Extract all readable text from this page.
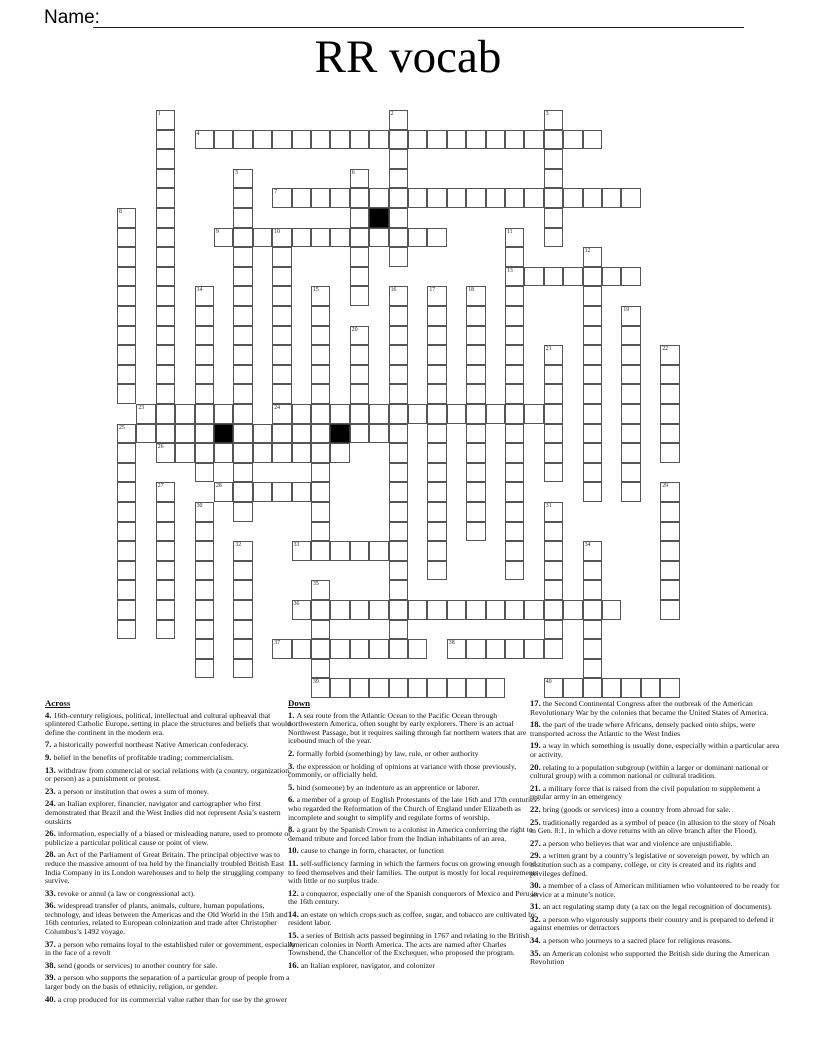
Name:
RR vocab
4
7
9	10
13
23	24
26
28
33
36
37	38
39	40
1	2	3
5	6
8
11
12
14	15	16	17	18
19
20
21	22
25
27	29
30	31
32	34
35
Across
4. 16th-century religious, political, intellectual and cultural upheaval that splintered Catholic Europe, setting in place the structures and beliefs that would define the continent in the modern era.
7. a historically powerful northeast Native American confederacy.
9. belief in the benefits of profitable trading; commercialism.
13. withdraw from commercial or social relations with (a country, organization, or person) as a punishment or protest.
23. a person or institution that owes a sum of money.
24. an Italian explorer, financier, navigator and cartographer who first demonstrated that Brazil and the West Indies did not represent Asia’s eastern outskirts
26. information, especially of a biased or misleading nature, used to promote or publicize a particular political cause or point of view.
28. an Act of the Parliament of Great Britain. The principal objective was to reduce the massive amount of tea held by the financially troubled British East India Company in its London warehouses and to help the struggling company survive.
33. revoke or annul (a law or congressional act).
36. widespread transfer of plants, animals, culture, human populations, technology, and ideas between the Americas and the Old World in the 15th and 16th centuries, related to European colonization and trade after Christopher Columbus’s 1492 voyage.
37. a person who remains loyal to the established ruler or government, especially in the face of a revolt
38. send (goods or services) to another country for sale.
39. a person who supports the separation of a particular group of people from a larger body on the basis of ethnicity, religion, or gender.
40. a crop produced for its commercial value rather than for use by the grower
Down
1. A sea route from the Atlantic Ocean to the Pacific Ocean through northwestern America, often sought by early explorers. There is an actual Northwest Passage, but it requires sailing through far northern waters that are icebound much of the year.
2. formally forbid (something) by law, rule, or other authority
3. the expression or holding of opinions at variance with those previously, commonly, or officially held.
5. bind (someone) by an indenture as an apprentice or laborer.
6. a member of a group of English Protestants of the late 16th and 17th centuries who regarded the Reformation of the Church of England under Elizabeth as incomplete and sought to simplify and regulate forms of worship.
8. a grant by the Spanish Crown to a colonist in America conferring the right to demand tribute and forced labor from the Indian inhabitants of an area.
10. cause to change in form, character, or function
11. self-sufficiency farming in which the farmers focus on growing enough food to feed themselves and their families. The output is mostly for local requirements with little or no surplus trade.
12. a conqueror, especially one of the Spanish conquerors of Mexico and Peru in the 16th century.
14. an estate on which crops such as coffee, sugar, and tobacco are cultivated by resident labor.
15. a series of British acts passed beginning in 1767 and relating to the British American colonies in North America. The acts are named after Charles Townshend, the Chancellor of the Exchequer, who proposed the program.
16. an Italian explorer, navigator, and colonizer
17. the Second Continental Congress after the outbreak of the American Revolutionary War by the colonies that became the United States of America.
18. the part of the trade where Africans, densely packed onto ships, were transported across the Atlantic to the West Indies
19. a way in which something is usually done, especially within a particular area or activity.
20. relating to a population subgroup (within a larger or dominant national or cultural group) with a common national or cultural tradition.
21. a military force that is raised from the civil population to supplement a regular army in an emergency
22. bring (goods or services) into a country from abroad for sale.
25. traditionally regarded as a symbol of peace (in allusion to the story of Noah in Gen. 8:1, in which a dove returns with an olive branch after the Flood).
27. a person who believes that war and violence are unjustifiable.
29. a written grant by a country’s legislative or sovereign power, by which an institution such as a company, college, or city is created and its rights and privileges defined.
30. a member of a class of American militiamen who volunteered to be ready for service at a minute’s notice.
31. an act regulating stamp duty (a tax on the legal recognition of documents).
32. a person who vigorously supports their country and is prepared to defend it against enemies or detractors
34. a person who journeys to a sacred place for religious reasons.
35. an American colonist who supported the British side during the American Revolution
